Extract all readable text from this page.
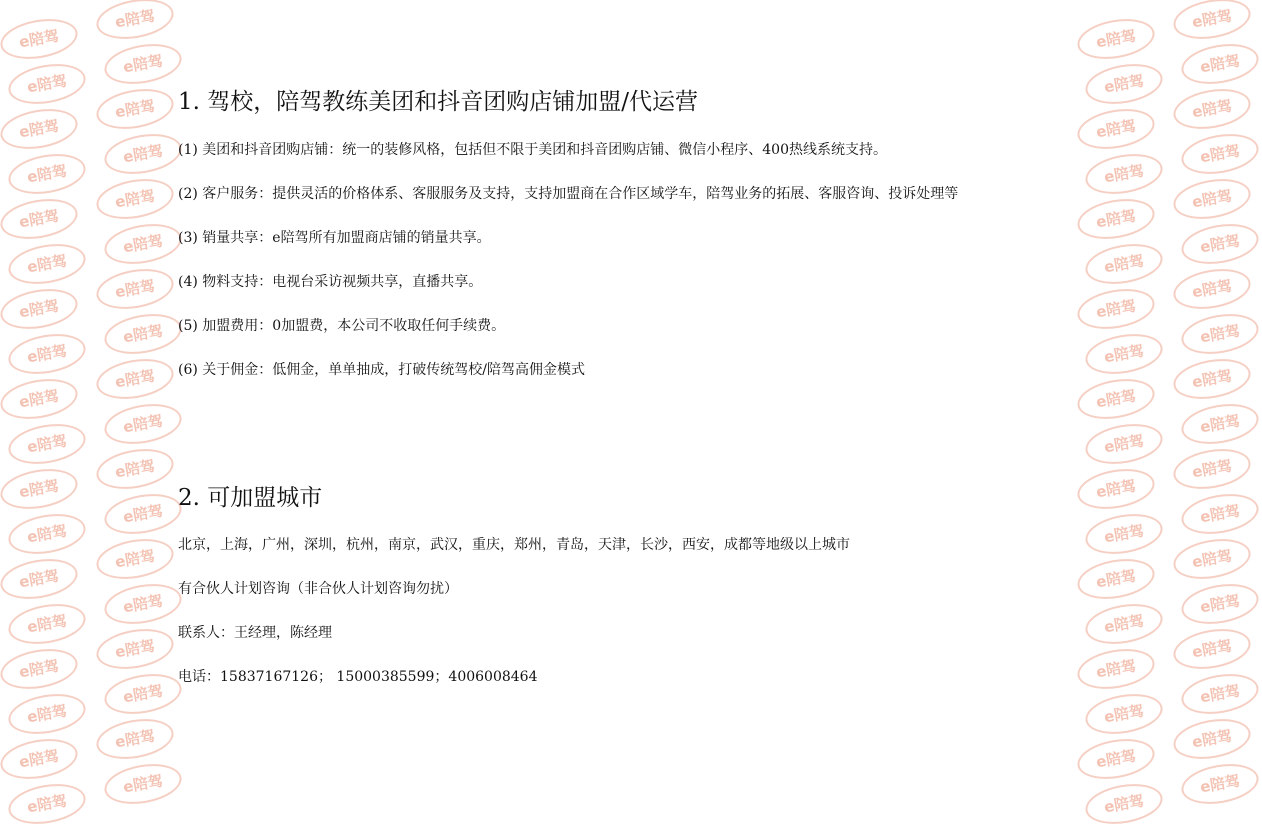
e陪驾
e陪驾
e陪驾
e陪驾
e陪驾
e陪驾
e陪驾
e陪驾
e陪驾
e陪驾
e陪驾
e陪驾
e陪驾
e陪驾
e陪驾
e陪驾
e陪驾
e陪驾
e陪驾
e陪驾
e陪驾
e陪驾
e陪驾
e陪驾
e陪驾
e陪驾
e陪驾
e陪驾
e陪驾
e陪驾
e陪驾
e陪驾
e陪驾
e陪驾
e陪驾
e陪驾
e陪驾
e陪驾
e陪驾
e陪驾
e陪驾
e陪驾
e陪驾
e陪驾
e陪驾
e陪驾
e陪驾
e陪驾
e陪驾
e陪驾
e陪驾
e陪驾
e陪驾
e陪驾
e陪驾
e陪驾
e陪驾
e陪驾
e陪驾
e陪驾
e陪驾
e陪驾
e陪驾
e陪驾
e陪驾
e陪驾
e陪驾
e陪驾
e陪驾
e陪驾
e陪驾
e陪驾
1. 驾校，陪驾教练美团和抖音团购店铺加盟/代运营

(1) 美团和抖音团购店铺：统一的装修风格，包括但不限于美团和抖音团购店铺、微信小程序、400热线系统支持。

(2) 客户服务：提供灵活的价格体系、客服服务及支持，支持加盟商在合作区域学车，陪驾业务的拓展、客服咨询、投诉处理等

(3) 销量共享：e陪驾所有加盟商店铺的销量共享。

(4) 物料支持：电视台采访视频共享，直播共享。

(5) 加盟费用：0加盟费，本公司不收取任何手续费。

(6) 关于佣金：低佣金，单单抽成，打破传统驾校/陪驾高佣金模式

2. 可加盟城市

北京，上海，广州，深圳，杭州，南京，武汉，重庆，郑州，青岛，天津，长沙，西安，成都等地级以上城市

有合伙人计划咨询（非合伙人计划咨询勿扰）

联系人：王经理，陈经理

电话：15837167126； 15000385599；4006008464
